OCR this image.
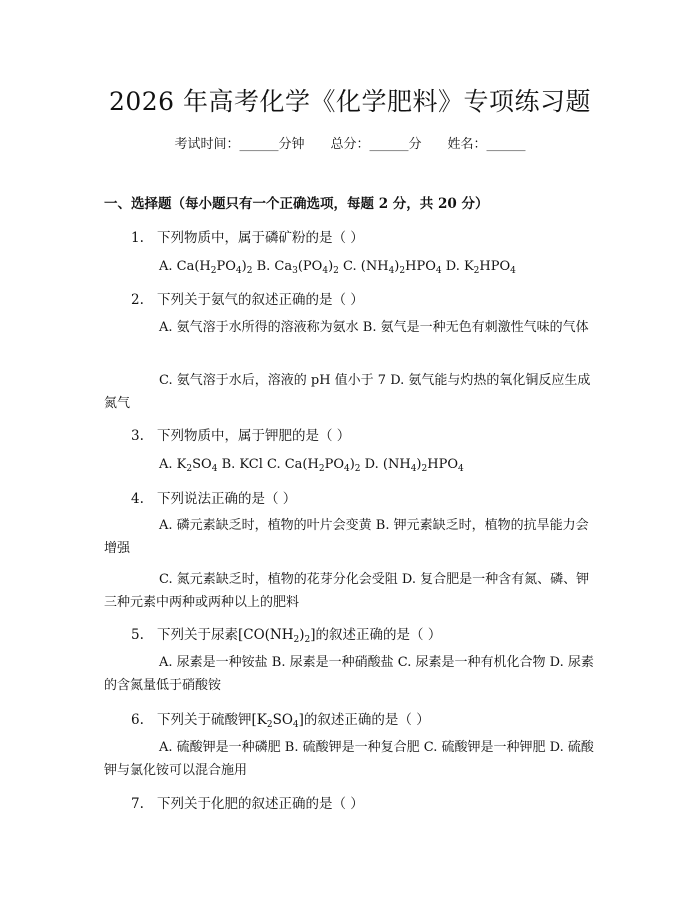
2026 年高考化学《化学肥料》专项练习题
考试时间：______分钟 总分：______分 姓名：______
一、选择题（每小题只有一个正确选项，每题 2 分，共 20 分）
1. 下列物质中，属于磷矿粉的是（ ）
A. $Ca(H_2PO_4)_2$ B. $Ca_3(PO_4)_2$ C. $(NH_4)_2HPO_4$ D. $K_2HPO_4$
2. 下列关于氨气的叙述正确的是（ ）
A. 氨气溶于水所得的溶液称为氨水 B. 氨气是一种无色有刺激性气味的气体
C. 氨气溶于水后，溶液的 pH 值小于 7 D. 氨气能与灼热的氧化铜反应生成氮气
3. 下列物质中，属于钾肥的是（ ）
A. $K_2SO_4$ B. KCl C. $Ca(H_2PO_4)_2$ D. $(NH_4)_2HPO_4$
4. 下列说法正确的是（ ）
A. 磷元素缺乏时，植物的叶片会变黄 B. 钾元素缺乏时，植物的抗旱能力会增强
C. 氮元素缺乏时，植物的花芽分化会受阻 D. 复合肥是一种含有氮、磷、钾三种元素中两种或两种以上的肥料
5. 下列关于尿素$[CO(NH_2)_2]$的叙述正确的是（ ）
A. 尿素是一种铵盐 B. 尿素是一种硝酸盐 C. 尿素是一种有机化合物 D. 尿素的含氮量低于硝酸铵
6. 下列关于硫酸钾$[K_2SO_4]$的叙述正确的是（ ）
A. 硫酸钾是一种磷肥 B. 硫酸钾是一种复合肥 C. 硫酸钾是一种钾肥 D. 硫酸钾与氯化铵可以混合施用
7. 下列关于化肥的叙述正确的是（ ）
